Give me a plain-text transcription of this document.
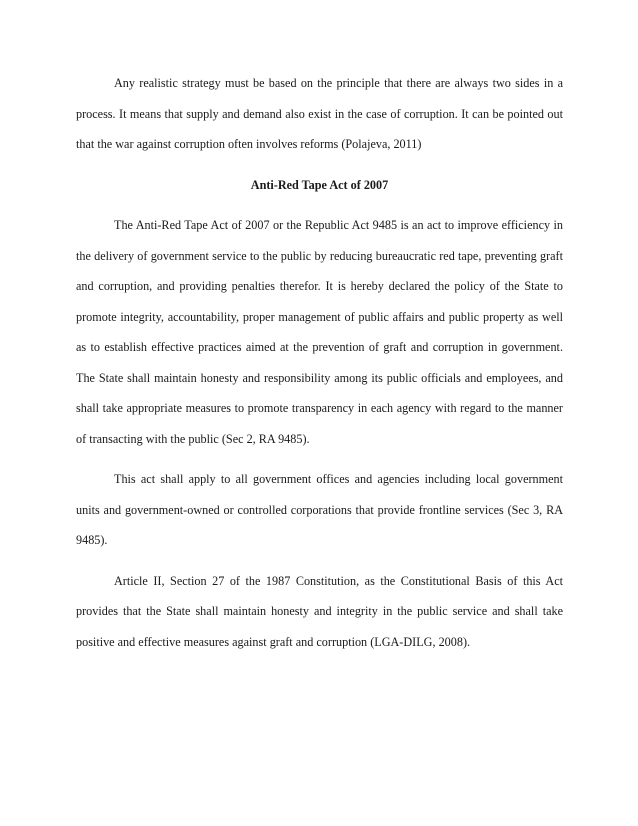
Any realistic strategy must be based on the principle that there are always two sides in a process. It means that supply and demand also exist in the case of corruption. It can be pointed out that the war against corruption often involves reforms (Polajeva, 2011)

Anti-Red Tape Act of 2007

The Anti-Red Tape Act of 2007 or the Republic Act 9485 is an act to improve efficiency in the delivery of government service to the public by reducing bureaucratic red tape, preventing graft and corruption, and providing penalties therefor. It is hereby declared the policy of the State to promote integrity, accountability, proper management of public affairs and public property as well as to establish effective practices aimed at the prevention of graft and corruption in government. The State shall maintain honesty and responsibility among its public officials and employees, and shall take appropriate measures to promote transparency in each agency with regard to the manner of transacting with the public (Sec 2, RA 9485).

This act shall apply to all government offices and agencies including local government units and government-owned or controlled corporations that provide frontline services (Sec 3, RA 9485).

Article II, Section 27 of the 1987 Constitution, as the Constitutional Basis of this Act provides that the State shall maintain honesty and integrity in the public service and shall take positive and effective measures against graft and corruption (LGA-DILG, 2008).
